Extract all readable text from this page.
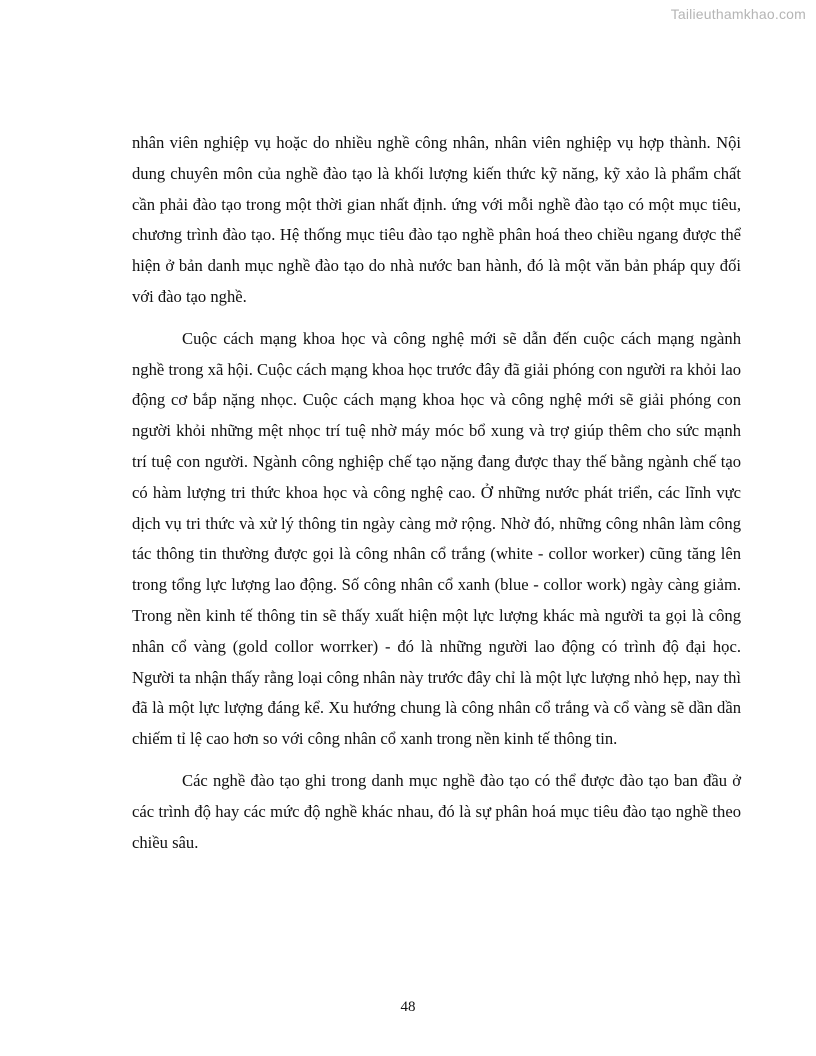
Tailieuthamkhao.com

nhân viên nghiệp vụ hoặc do nhiều nghề công nhân, nhân viên nghiệp vụ hợp thành. Nội dung chuyên môn của nghề đào tạo là khối lượng kiến thức kỹ năng, kỹ xảo là phẩm chất cần phải đào tạo trong một thời gian nhất định. ứng với mỗi nghề đào tạo có một mục tiêu, chương trình đào tạo. Hệ thống mục tiêu đào tạo nghề phân hoá theo chiều ngang được thể hiện ở bản danh mục nghề đào tạo do nhà nước ban hành, đó là một văn bản pháp quy đối với đào tạo nghề.

Cuộc cách mạng khoa học và công nghệ mới sẽ dẫn đến cuộc cách mạng ngành nghề trong xã hội. Cuộc cách mạng khoa học trước đây đã giải phóng con người ra khỏi lao động cơ bắp nặng nhọc. Cuộc cách mạng khoa học và công nghệ mới sẽ giải phóng con người khỏi những mệt nhọc trí tuệ nhờ máy móc bổ xung và trợ giúp thêm cho sức mạnh trí tuệ con người. Ngành công nghiệp chế tạo nặng đang được thay thế bằng ngành chế tạo có hàm lượng tri thức khoa học và công nghệ cao. Ở những nước phát triển, các lĩnh vực dịch vụ tri thức và xử lý thông tin ngày càng mở rộng. Nhờ đó, những công nhân làm công tác thông tin thường được gọi là công nhân cổ trắng (white - collor worker) cũng tăng lên trong tổng lực lượng lao động. Số công nhân cổ xanh (blue - collor work) ngày càng giảm. Trong nền kinh tế thông tin sẽ thấy xuất hiện một lực lượng khác mà người ta gọi là công nhân cổ vàng (gold collor worrker) - đó là những người lao động có trình độ đại học. Người ta nhận thấy rằng loại công nhân này trước đây chỉ là một lực lượng nhỏ hẹp, nay thì đã là một lực lượng đáng kể. Xu hướng chung là công nhân cổ trắng và cổ vàng sẽ dần dần chiếm tỉ lệ cao hơn so với công nhân cổ xanh trong nền kinh tế thông tin.

Các nghề đào tạo ghi trong danh mục nghề đào tạo có thể được đào tạo ban đầu ở các trình độ hay các mức độ nghề khác nhau, đó là sự phân hoá mục tiêu đào tạo nghề theo chiều sâu.

48
